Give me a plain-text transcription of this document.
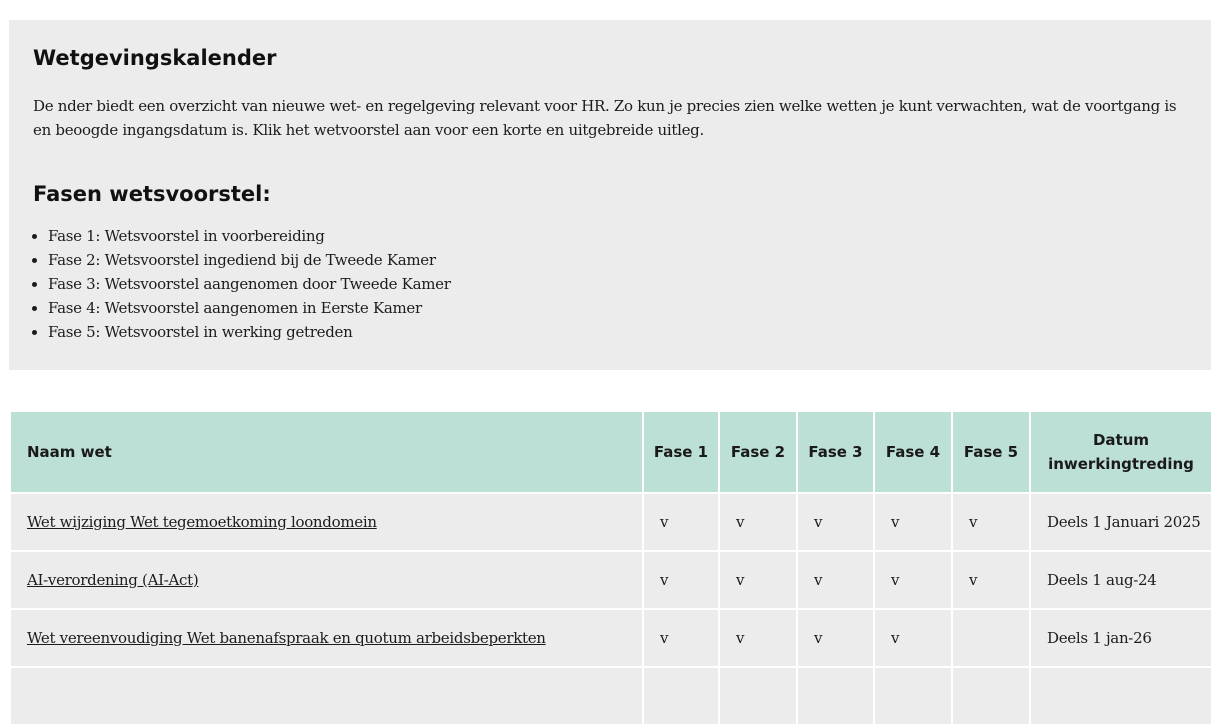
Wetgevingskalender

De nder biedt een overzicht van nieuwe wet- en regelgeving relevant voor HR. Zo kun je precies zien welke wetten je kunt verwachten, wat de voortgang is en beoogde ingangsdatum is. Klik het wetvoorstel aan voor een korte en uitgebreide uitleg.

Fasen wetsvoorstel:
• Fase 1: Wetsvoorstel in voorbereiding
• Fase 2: Wetsvoorstel ingediend bij de Tweede Kamer
• Fase 3: Wetsvoorstel aangenomen door Tweede Kamer
• Fase 4: Wetsvoorstel aangenomen in Eerste Kamer
• Fase 5: Wetsvoorstel in werking getreden
Naam wet	Fase 1	Fase 2	Fase 3	Fase 4	Fase 5	Datum inwerkingtreding
Wet wijziging Wet tegemoetkoming loondomein	v	v	v	v	v	Deels 1 Januari 2025
AI-verordening (AI-Act)	v	v	v	v	v	Deels 1 aug-24
Wet vereenvoudiging Wet banenafspraak en quotum arbeidsbeperkten	v	v	v	v		Deels 1 jan-26
